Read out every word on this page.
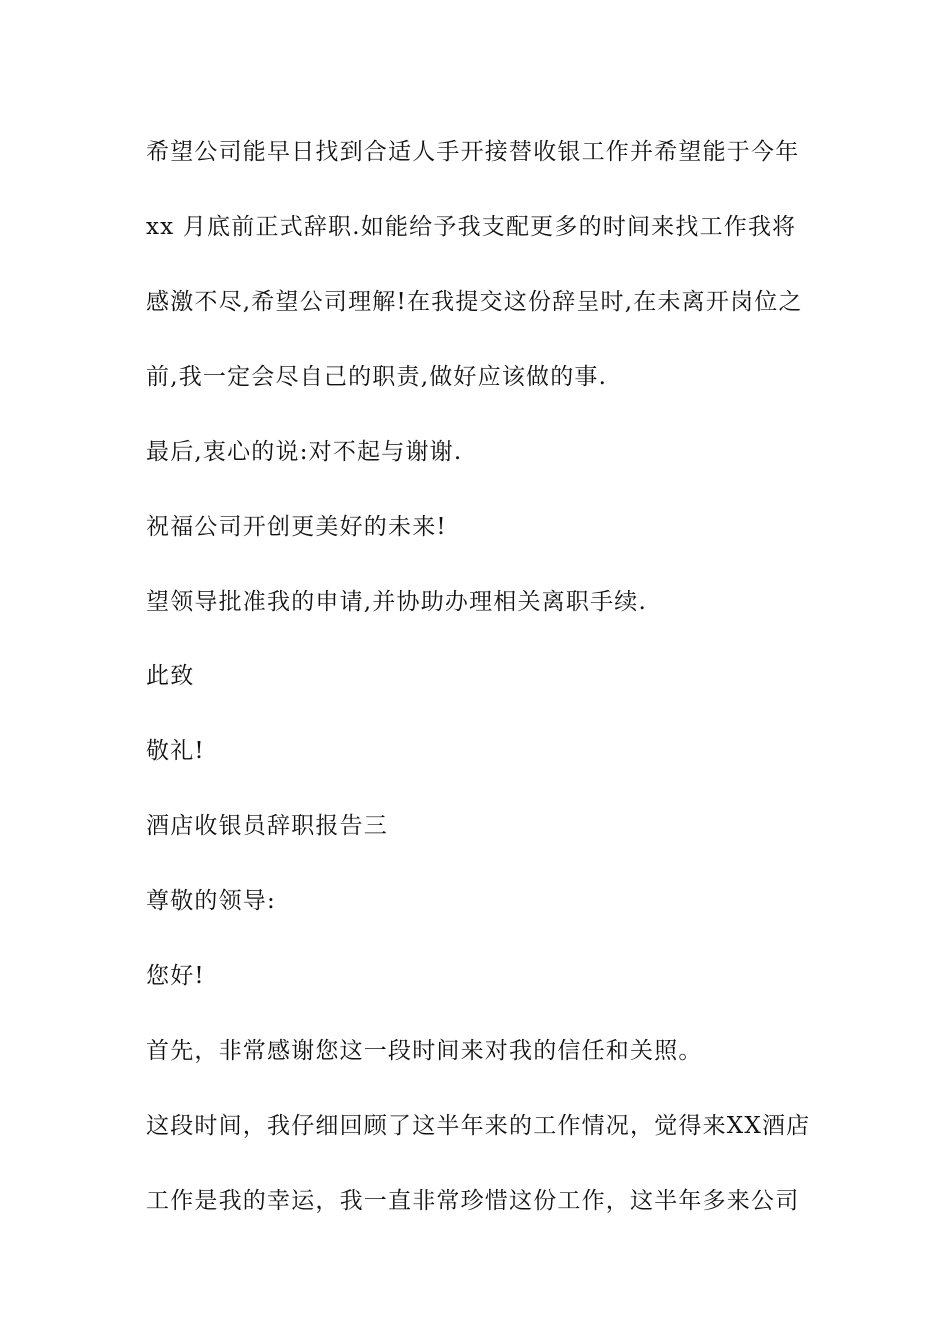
希望公司能早日找到合适人手开接替收银工作并希望能于今年
xx 月底前正式辞职.如能给予我支配更多的时间来找工作我将
感激不尽,希望公司理解!在我提交这份辞呈时,在未离开岗位之
前,我一定会尽自己的职责,做好应该做的事.
最后,衷心的说:对不起与谢谢.
祝福公司开创更美好的未来!
望领导批准我的申请,并协助办理相关离职手续.
此致
敬礼!
酒店收银员辞职报告三
尊敬的领导:
您好!
首先，非常感谢您这一段时间来对我的信任和关照。
这段时间，我仔细回顾了这半年来的工作情况，觉得来XX酒店
工作是我的幸运，我一直非常珍惜这份工作，这半年多来公司
